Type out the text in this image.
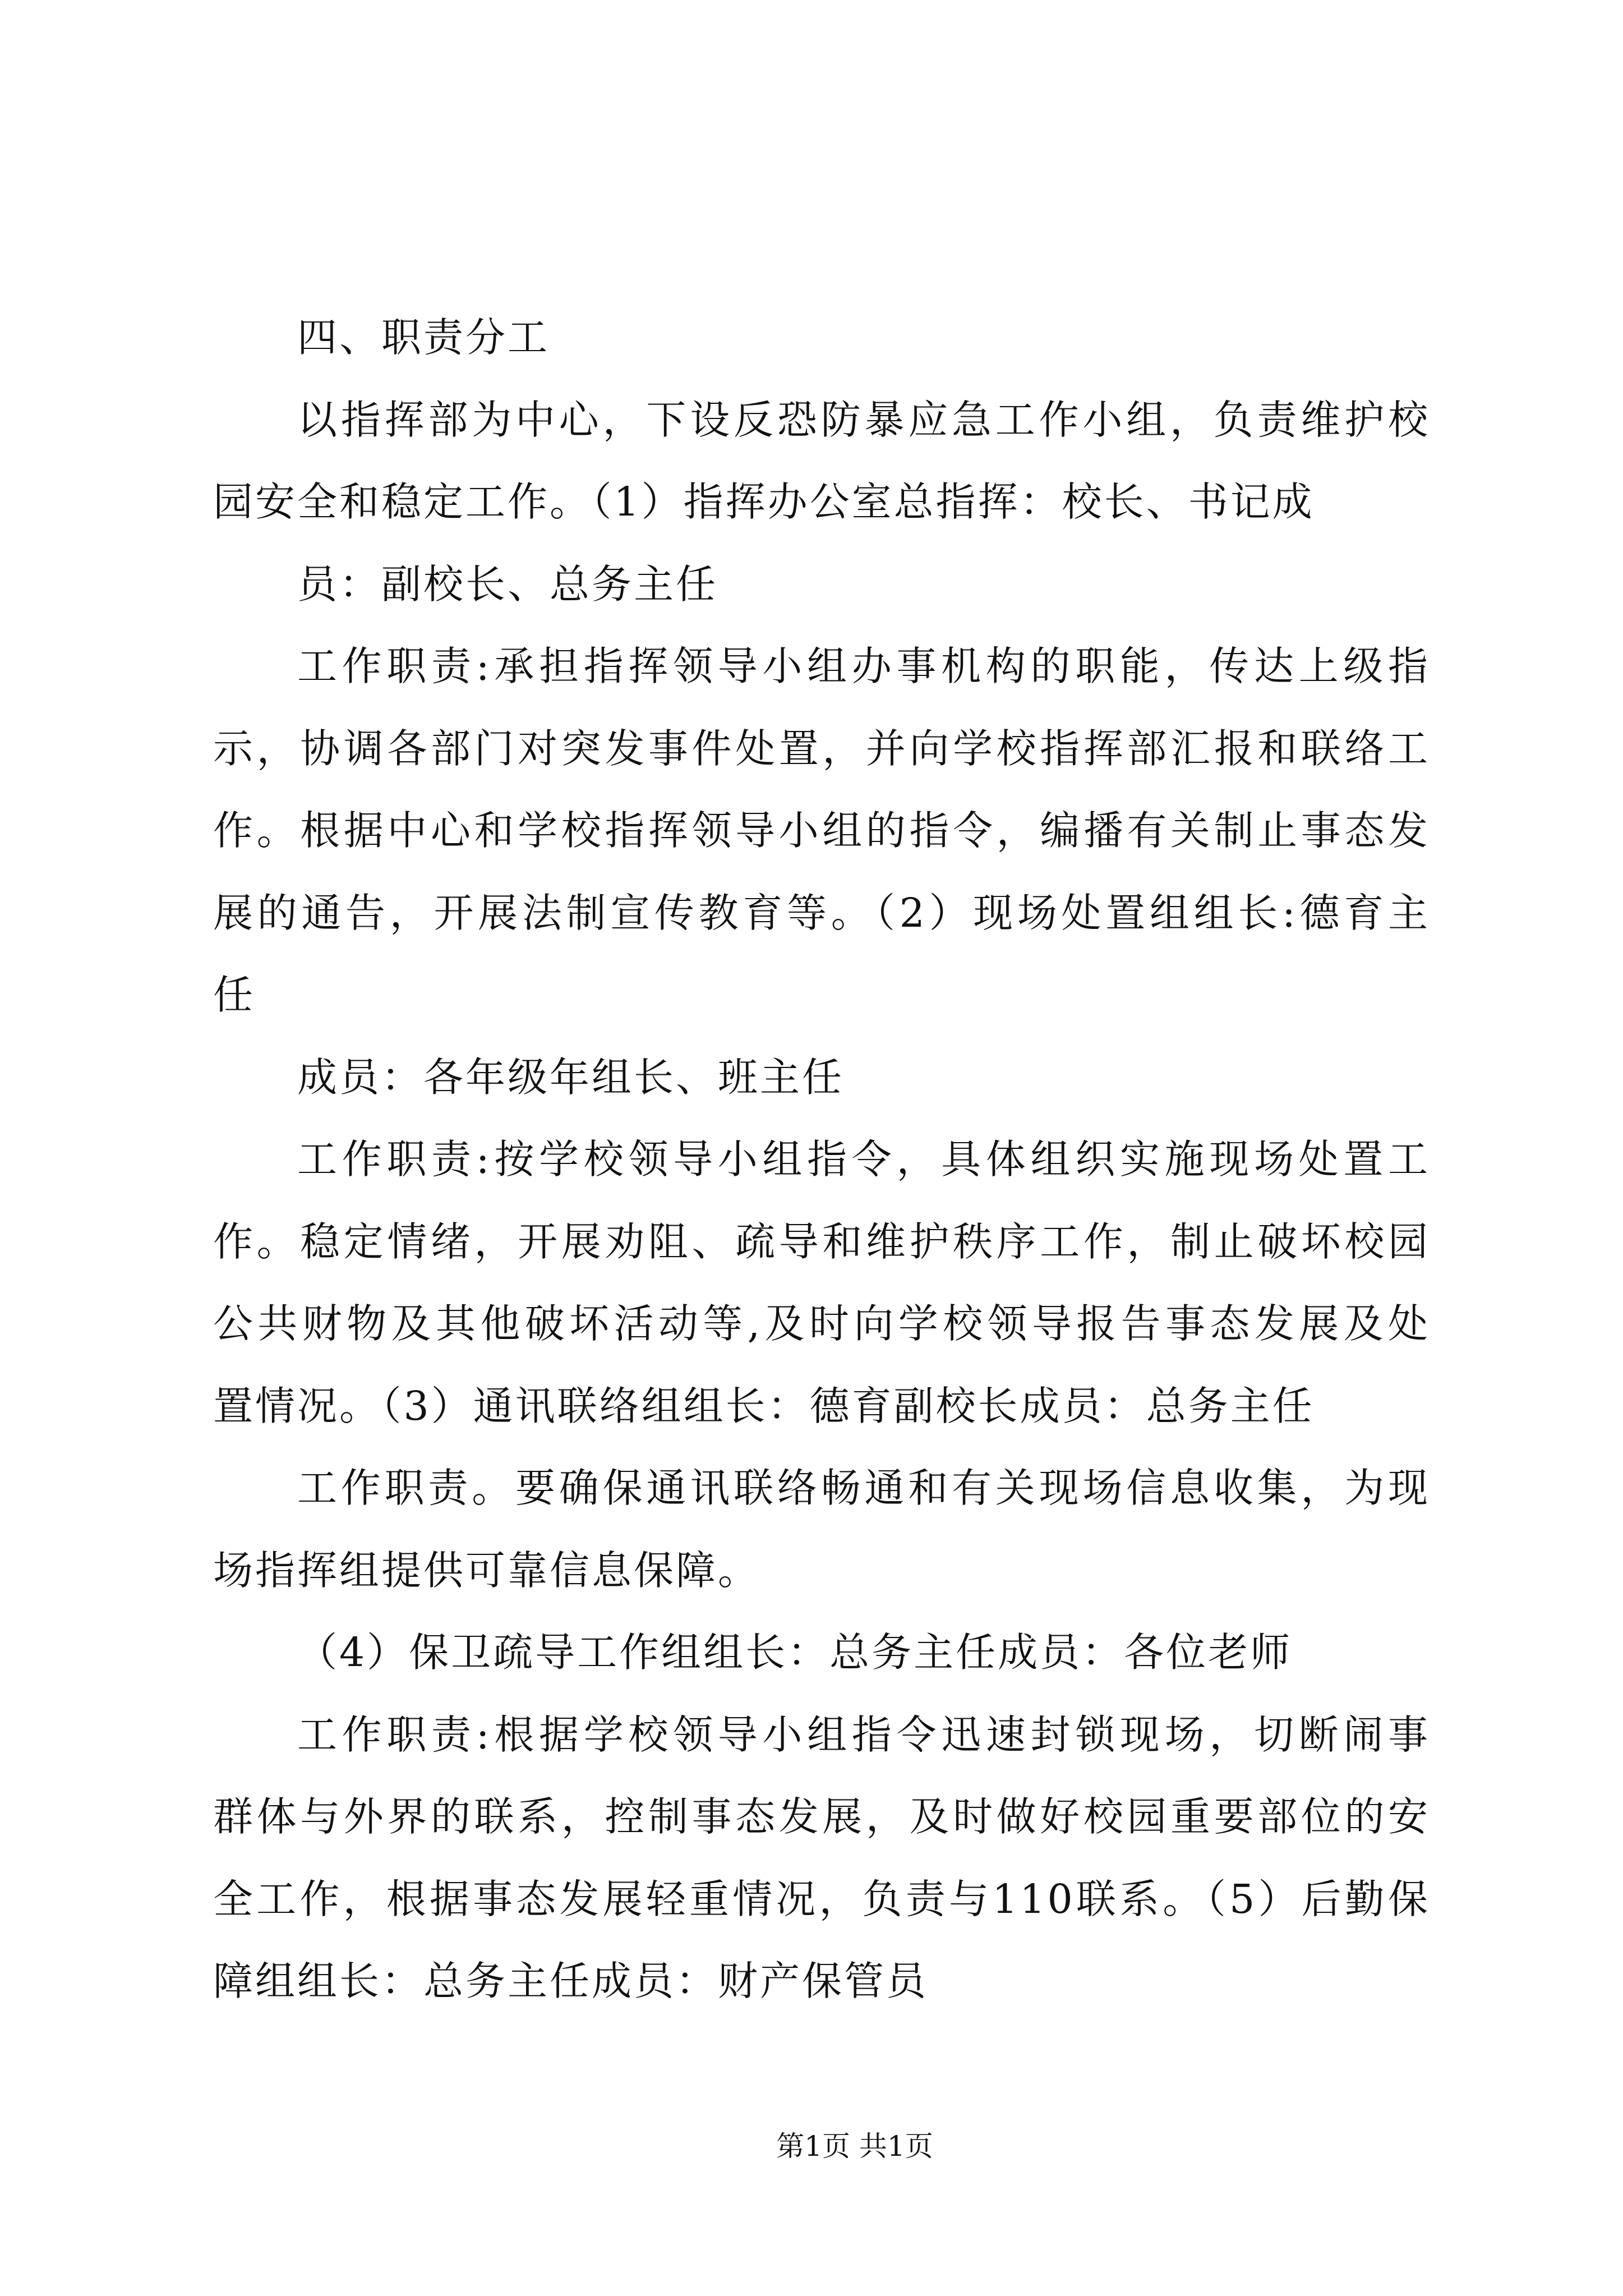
四、职责分工
以指挥部为中心，下设反恐防暴应急工作小组，负责维护校
园安全和稳定工作。（1）指挥办公室总指挥：校长、书记成
员：副校长、总务主任
工作职责:承担指挥领导小组办事机构的职能，传达上级指
示，协调各部门对突发事件处置，并向学校指挥部汇报和联络工
作。根据中心和学校指挥领导小组的指令，编播有关制止事态发
展的通告，开展法制宣传教育等。（2）现场处置组组长:德育主
任
成员：各年级年组长、班主任
工作职责:按学校领导小组指令，具体组织实施现场处置工
作。稳定情绪，开展劝阻、疏导和维护秩序工作，制止破坏校园
公共财物及其他破坏活动等,及时向学校领导报告事态发展及处
置情况。（3）通讯联络组组长：德育副校长成员：总务主任
工作职责。要确保通讯联络畅通和有关现场信息收集，为现
场指挥组提供可靠信息保障。
（4）保卫疏导工作组组长：总务主任成员：各位老师
工作职责:根据学校领导小组指令迅速封锁现场，切断闹事
群体与外界的联系，控制事态发展，及时做好校园重要部位的安
全工作，根据事态发展轻重情况，负责与110联系。（5）后勤保
障组组长：总务主任成员：财产保管员
第1页 共1页
